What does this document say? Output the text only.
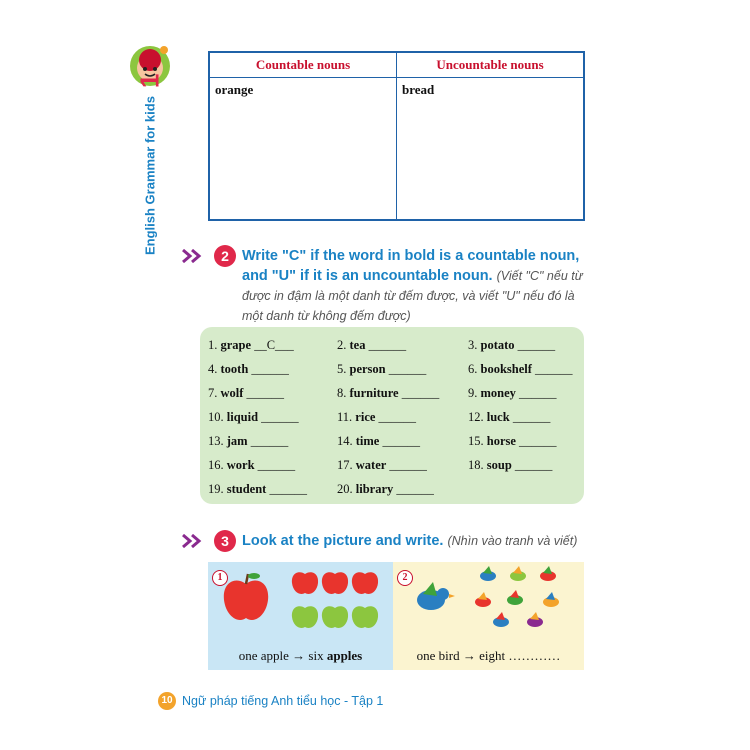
English Grammar for kids
1
Countable nouns	Uncountable nouns
orange	bread
2 Write "C" if the word in bold is a countable noun, and "U" if it is an uncountable noun. (Viết "C" nếu từ được in đậm là một danh từ đếm được, và viết "U" nếu đó là một danh từ không đếm được)
1. grape __C___	2. tea ______	3. potato ______
4. tooth ______	5. person ______	6. bookshelf ______
7. wolf ______	8. furniture ______	9. money ______
10. liquid ______	11. rice ______	12. luck ______
13. jam ______	14. time ______	15. horse ______
16. work ______	17. water ______	18. soup ______
19. student ______	20. library ______
3 Look at the picture and write. (Nhìn vào tranh và viết)
1
one apple → six apples
2
one bird → eight …………
10 Ngữ pháp tiếng Anh tiểu học - Tập 1
